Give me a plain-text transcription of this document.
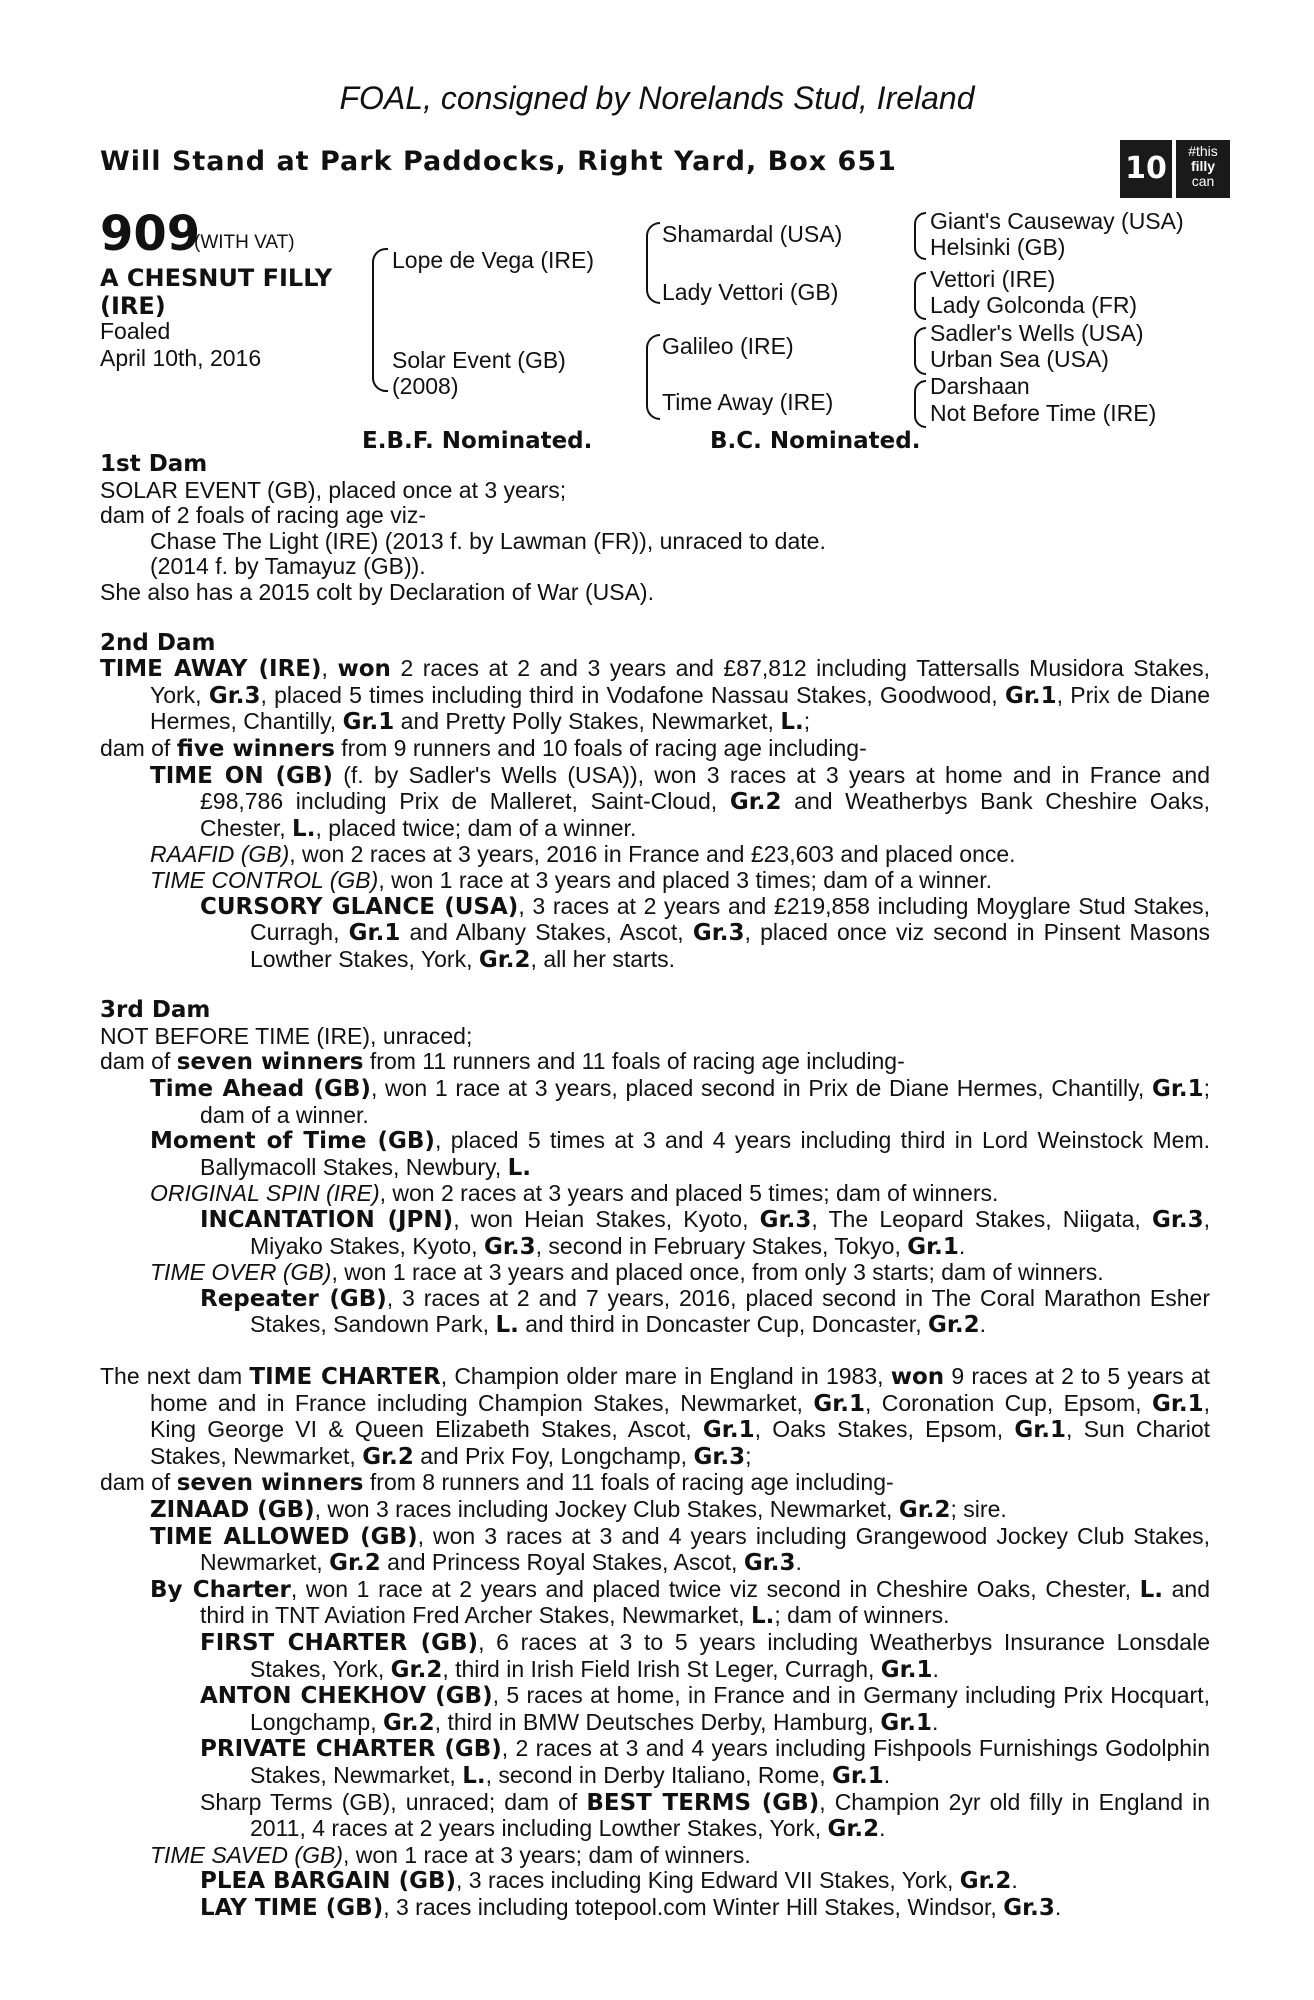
FOAL, consigned by Norelands Stud, Ireland
Will Stand at Park Paddocks, Right Yard, Box 651	10	#this
filly
can
909
(WITH VAT)
A CHESNUT FILLY (IRE)
Foaled
April 10th, 2016
Lope de Vega (IRE)
Solar Event (GB)
(2008)
Shamardal (USA)
Lady Vettori (GB)
Galileo (IRE)
Time Away (IRE)
Giant's Causeway (USA)
Helsinki (GB)
Vettori (IRE)
Lady Golconda (FR)
Sadler's Wells (USA)
Urban Sea (USA)
Darshaan
Not Before Time (IRE)
E.B.F. Nominated.	B.C. Nominated.

1st Dam

SOLAR EVENT (GB), placed once at 3 years;

dam of 2 foals of racing age viz-

Chase The Light (IRE) (2013 f. by Lawman (FR)), unraced to date.

(2014 f. by Tamayuz (GB)).

She also has a 2015 colt by Declaration of War (USA).

2nd Dam

TIME AWAY (IRE), won 2 races at 2 and 3 years and £87,812 including Tattersalls Musidora Stakes, York, Gr.3, placed 5 times including third in Vodafone Nassau Stakes, Goodwood, Gr.1, Prix de Diane Hermes, Chantilly, Gr.1 and Pretty Polly Stakes, Newmarket, L.;

dam of five winners from 9 runners and 10 foals of racing age including-

TIME ON (GB) (f. by Sadler's Wells (USA)), won 3 races at 3 years at home and in France and £98,786 including Prix de Malleret, Saint-Cloud, Gr.2 and Weatherbys Bank Cheshire Oaks, Chester, L., placed twice; dam of a winner.

RAAFID (GB), won 2 races at 3 years, 2016 in France and £23,603 and placed once.

TIME CONTROL (GB), won 1 race at 3 years and placed 3 times; dam of a winner.

CURSORY GLANCE (USA), 3 races at 2 years and £219,858 including Moyglare Stud Stakes, Curragh, Gr.1 and Albany Stakes, Ascot, Gr.3, placed once viz second in Pinsent Masons Lowther Stakes, York, Gr.2, all her starts.

3rd Dam

NOT BEFORE TIME (IRE), unraced;

dam of seven winners from 11 runners and 11 foals of racing age including-

Time Ahead (GB), won 1 race at 3 years, placed second in Prix de Diane Hermes, Chantilly, Gr.1; dam of a winner.

Moment of Time (GB), placed 5 times at 3 and 4 years including third in Lord Weinstock Mem. Ballymacoll Stakes, Newbury, L.

ORIGINAL SPIN (IRE), won 2 races at 3 years and placed 5 times; dam of winners.

INCANTATION (JPN), won Heian Stakes, Kyoto, Gr.3, The Leopard Stakes, Niigata, Gr.3, Miyako Stakes, Kyoto, Gr.3, second in February Stakes, Tokyo, Gr.1.

TIME OVER (GB), won 1 race at 3 years and placed once, from only 3 starts; dam of winners.

Repeater (GB), 3 races at 2 and 7 years, 2016, placed second in The Coral Marathon Esher Stakes, Sandown Park, L. and third in Doncaster Cup, Doncaster, Gr.2.

The next dam TIME CHARTER, Champion older mare in England in 1983, won 9 races at 2 to 5 years at home and in France including Champion Stakes, Newmarket, Gr.1, Coronation Cup, Epsom, Gr.1, King George VI & Queen Elizabeth Stakes, Ascot, Gr.1, Oaks Stakes, Epsom, Gr.1, Sun Chariot Stakes, Newmarket, Gr.2 and Prix Foy, Longchamp, Gr.3;

dam of seven winners from 8 runners and 11 foals of racing age including-

ZINAAD (GB), won 3 races including Jockey Club Stakes, Newmarket, Gr.2; sire.

TIME ALLOWED (GB), won 3 races at 3 and 4 years including Grangewood Jockey Club Stakes, Newmarket, Gr.2 and Princess Royal Stakes, Ascot, Gr.3.

By Charter, won 1 race at 2 years and placed twice viz second in Cheshire Oaks, Chester, L. and third in TNT Aviation Fred Archer Stakes, Newmarket, L.; dam of winners.

FIRST CHARTER (GB), 6 races at 3 to 5 years including Weatherbys Insurance Lonsdale Stakes, York, Gr.2, third in Irish Field Irish St Leger, Curragh, Gr.1.

ANTON CHEKHOV (GB), 5 races at home, in France and in Germany including Prix Hocquart, Longchamp, Gr.2, third in BMW Deutsches Derby, Hamburg, Gr.1.

PRIVATE CHARTER (GB), 2 races at 3 and 4 years including Fishpools Furnishings Godolphin Stakes, Newmarket, L., second in Derby Italiano, Rome, Gr.1.

Sharp Terms (GB), unraced; dam of BEST TERMS (GB), Champion 2yr old filly in England in 2011, 4 races at 2 years including Lowther Stakes, York, Gr.2.

TIME SAVED (GB), won 1 race at 3 years; dam of winners.

PLEA BARGAIN (GB), 3 races including King Edward VII Stakes, York, Gr.2.

LAY TIME (GB), 3 races including totepool.com Winter Hill Stakes, Windsor, Gr.3.
